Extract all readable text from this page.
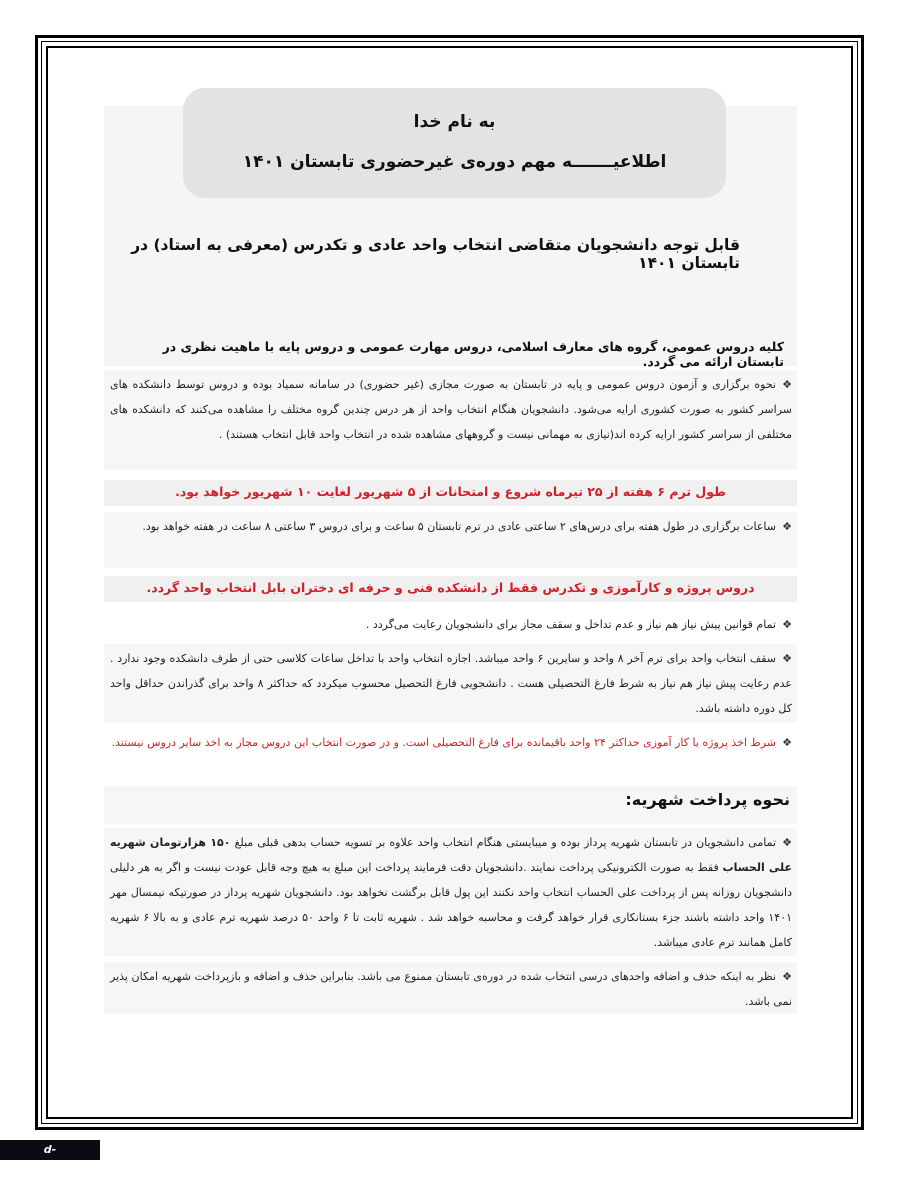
به نام خدا
اطلاعیـــــــه مهم دوره‌ی غیرحضوری تابستان ۱۴۰۱
قابل توجه دانشجویان متقاضی انتخاب واحد عادی و تکدرس (معرفی به استاد) در تابستان ۱۴۰۱
کلیه دروس عمومی، گروه های معارف اسلامی، دروس مهارت عمومی و دروس پایه با ماهیت نظری در تابستان ارائه می گردد.
❖
نحوه برگزاری و آزمون دروس عمومی و پایه در تابستان به صورت مجازی (غیر حضوری) در سامانه سمیاد بوده و دروس توسط دانشکده های سراسر کشور به صورت کشوری ارایه می‌شود. دانشجویان هنگام انتخاب واحد از هر درس چندین گروه مختلف را مشاهده می‌کنند که دانشکده های مختلفی از سراسر کشور ارایه کرده اند(نیازی به مهمانی نیست و گروههای مشاهده شده در انتخاب واحد قابل انتخاب هستند) .
طول ترم ۶ هفته از ۲۵ تیرماه شروع و امتحانات از ۵ شهریور لغایت ۱۰ شهریور خواهد بود.
❖
ساعات برگزاری در طول هفته برای درس‌های ۲ ساعتی عادی در ترم تابستان ۵ ساعت و برای دروس ۳ ساعتی ۸ ساعت در هفته خواهد بود.
دروس پروژه و کارآموزی و تکدرس فقط از دانشکده فنی و حرفه ای دختران بابل انتخاب واحد گردد.
❖
تمام قوانین پیش نیاز هم نیاز و عدم تداخل و سقف مجاز برای دانشجویان رعایت می‌گردد .
❖
سقف انتخاب واحد برای ترم آخر ۸ واحد و سایرین ۶ واحد میباشد. اجازه انتخاب واحد با تداخل ساعات کلاسی حتی از طرف دانشکده وجود ندارد . عدم رعایت پیش نیاز هم نیاز به شرط فارغ التحصیلی هست . دانشجویی فارغ التحصیل محسوب میکردد که حداکثر ۸ واحد برای گذراندن حداقل واحد کل دوره داشته باشد.
❖
شرط اخذ پروژه یا کار آموزی حداکثر ۲۴ واحد باقیمانده برای فارغ التحصیلی است. و در صورت انتخاب این دروس مجاز به اخذ سایر دروس نیستند.
نحوه پرداخت شهریه:
❖
تمامی دانشجویان در تابستان شهریه پرداز بوده و میبایستی هنگام انتخاب واحد علاوه بر تسویه حساب بدهی قبلی مبلغ ۱۵۰ هزارتومان شهریه علی الحساب فقط به صورت الکترونیکی پرداخت نمایند .دانشجویان دقت فرمایند پرداخت این مبلغ به هیچ وجه قابل عودت نیست و اگر به هر دلیلی دانشجویان روزانه پس از پرداخت علی الحساب انتخاب واحد نکنند این پول قابل برگشت نخواهد بود. دانشجویان شهریه پرداز در صورتیکه نیمسال مهر ۱۴۰۱ واحد داشته باشند جزء بستانکاری قرار خواهد گرفت و محاسبه خواهد شد . شهریه ثابت تا ۶ واحد ۵۰ درصد شهریه ترم عادی و به بالا ۶ شهریه کامل همانند ترم عادی میباشد.
❖
نظر به اینکه حذف و اضافه واحدهای درسی انتخاب شده در دوره‌ی تابستان ممنوع می باشد. بنابراین حذف و اضافه و بازپرداخت شهریه امکان پذیر نمی باشد.
d-babol.nus.ac.ir
